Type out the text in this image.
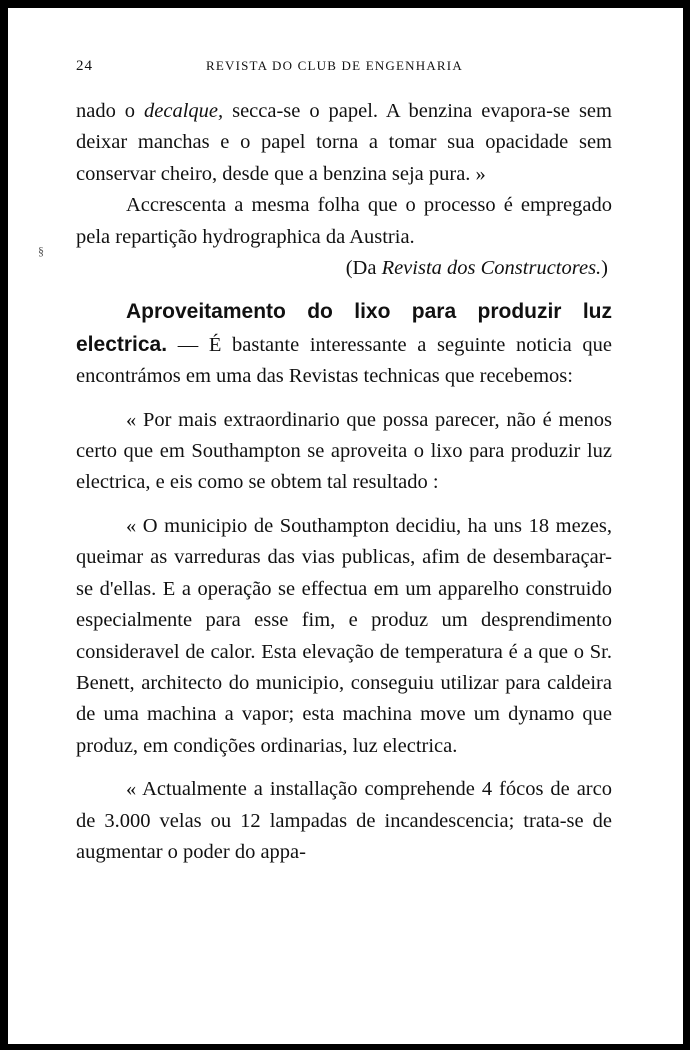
24	REVISTA DO CLUB DE ENGENHARIA
§

nado o decalque, secca-se o papel. A benzina evapora-se sem deixar manchas e o papel torna a tomar sua opacidade sem conservar cheiro, desde que a benzina seja pura. »

Accrescenta a mesma folha que o processo é empregado pela repartição hydrographica da Austria.

(Da Revista dos Constructores.)

Aproveitamento do lixo para produzir luz electrica. — É bastante interessante a seguinte noticia que encontrámos em uma das Revistas technicas que recebemos:

« Por mais extraordinario que possa parecer, não é menos certo que em Southampton se aproveita o lixo para produzir luz electrica, e eis como se obtem tal resultado :

« O municipio de Southampton decidiu, ha uns 18 mezes, queimar as varreduras das vias publicas, afim de desembaraçar-se d'ellas. E a operação se effectua em um apparelho construido especialmente para esse fim, e produz um desprendimento consideravel de calor. Esta elevação de temperatura é a que o Sr. Benett, architecto do municipio, conseguiu utilizar para caldeira de uma machina a vapor; esta machina move um dynamo que produz, em condições ordinarias, luz electrica.

« Actualmente a installação comprehende 4 fócos de arco de 3.000 velas ou 12 lampadas de incandescencia; trata-se de augmentar o poder do appa-
